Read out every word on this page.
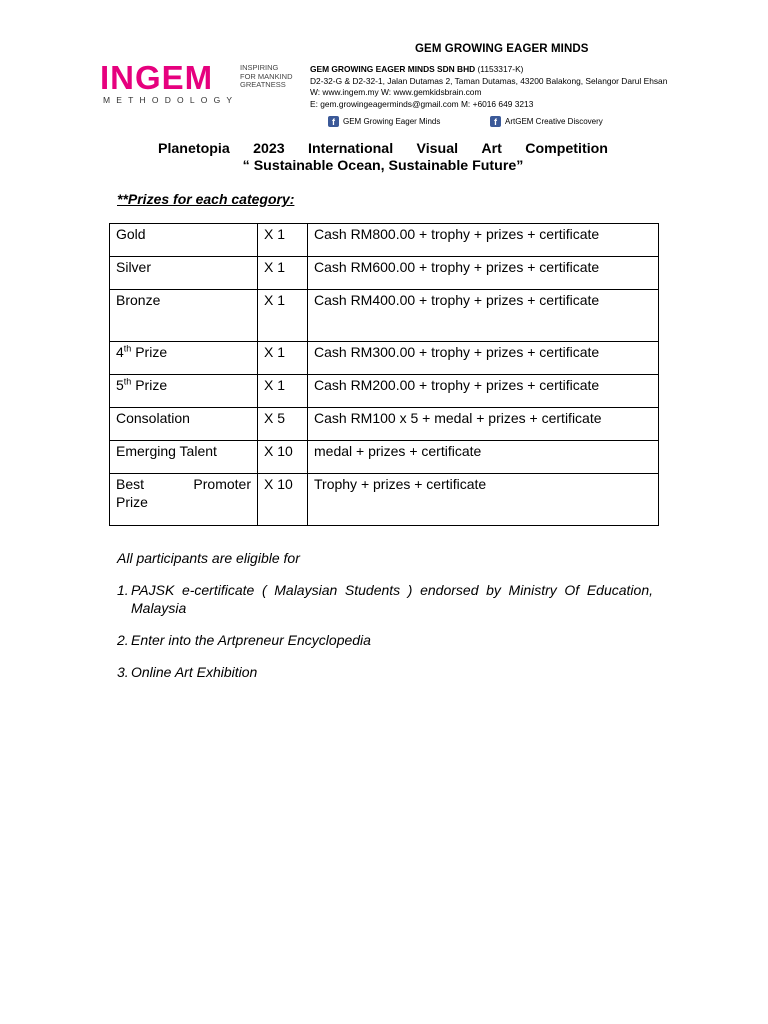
GEM GROWING EAGER MINDS
INGEM
METHODOLOGY
INSPIRING
FOR MANKIND
GREATNESS
GEM GROWING EAGER MINDS SDN BHD (1153317-K)
D2-32-G & D2-32-1, Jalan Dutamas 2, Taman Dutamas, 43200 Balakong, Selangor Darul Ehsan
W: www.ingem.my W: www.gemkidsbrain.com
E: gem.growingeagerminds@gmail.com M: +6016 649 3213
f	GEM Growing Eager Minds	f	ArtGEM Creative Discovery
Planetopia 2023 International Visual Art Competition
“ Sustainable Ocean, Sustainable Future”
**Prizes for each category:
Gold	X 1	Cash RM800.00 + trophy + prizes + certificate
Silver	X 1	Cash RM600.00 + trophy + prizes + certificate
Bronze	X 1	Cash RM400.00 + trophy + prizes + certificate
4th Prize	X 1	Cash RM300.00 + trophy + prizes + certificate
5th Prize	X 1	Cash RM200.00 + trophy + prizes + certificate
Consolation	X 5	Cash RM100 x 5 + medal + prizes + certificate
Emerging Talent	X 10	medal + prizes + certificate

Best Promoter
Prize	X 10	Trophy + prizes + certificate
All participants are eligible for
1. PAJSK e-certificate ( Malaysian Students ) endorsed by Ministry Of Education, Malaysia
2. Enter into the Artpreneur Encyclopedia
3. Online Art Exhibition
